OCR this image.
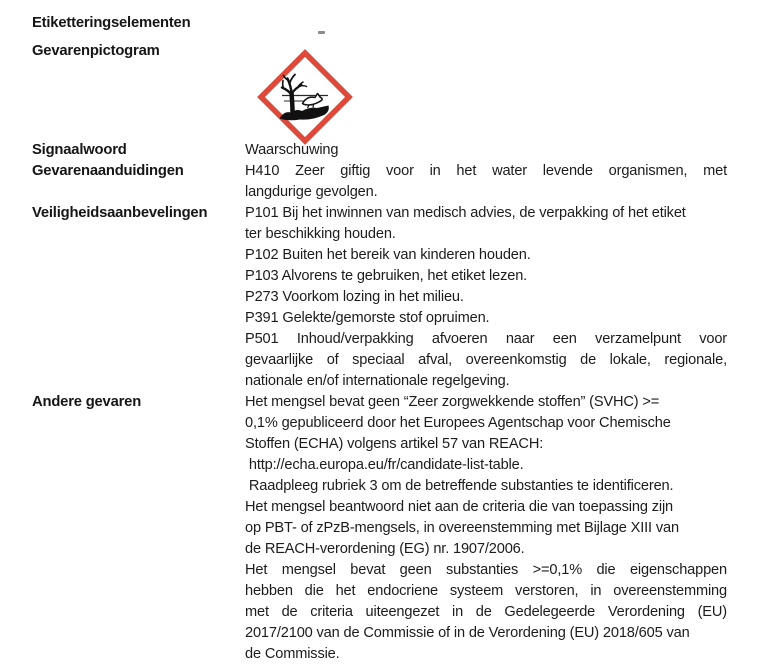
Etiketteringselementen
Gevarenpictogram
Signaalwoord
Gevarenaanduidingen
Veiligheidsaanbevelingen
Andere gevaren
Waarschuwing
H410 Zeer giftig voor in het water levende organismen, met
langdurige gevolgen.
P101 Bij het inwinnen van medisch advies, de verpakking of het etiket
ter beschikking houden.
P102 Buiten het bereik van kinderen houden.
P103 Alvorens te gebruiken, het etiket lezen.
P273 Voorkom lozing in het milieu.
P391 Gelekte/gemorste stof opruimen.
P501 Inhoud/verpakking afvoeren naar een verzamelpunt voor
gevaarlijke of speciaal afval, overeenkomstig de lokale, regionale,
nationale en/of internationale regelgeving.
Het mengsel bevat geen “Zeer zorgwekkende stoffen” (SVHC) >=
0,1% gepubliceerd door het Europees Agentschap voor Chemische
Stoffen (ECHA) volgens artikel 57 van REACH:
http://echa.europa.eu/fr/candidate-list-table.
Raadpleeg rubriek 3 om de betreffende substanties te identificeren.
Het mengsel beantwoord niet aan de criteria die van toepassing zijn
op PBT- of zPzB-mengsels, in overeenstemming met Bijlage XIII van
de REACH-verordening (EG) nr. 1907/2006.
Het mengsel bevat geen substanties >=0,1% die eigenschappen
hebben die het endocriene systeem verstoren, in overeenstemming
met de criteria uiteengezet in de Gedelegeerde Verordening (EU)
2017/2100 van de Commissie of in de Verordening (EU) 2018/605 van
de Commissie.
